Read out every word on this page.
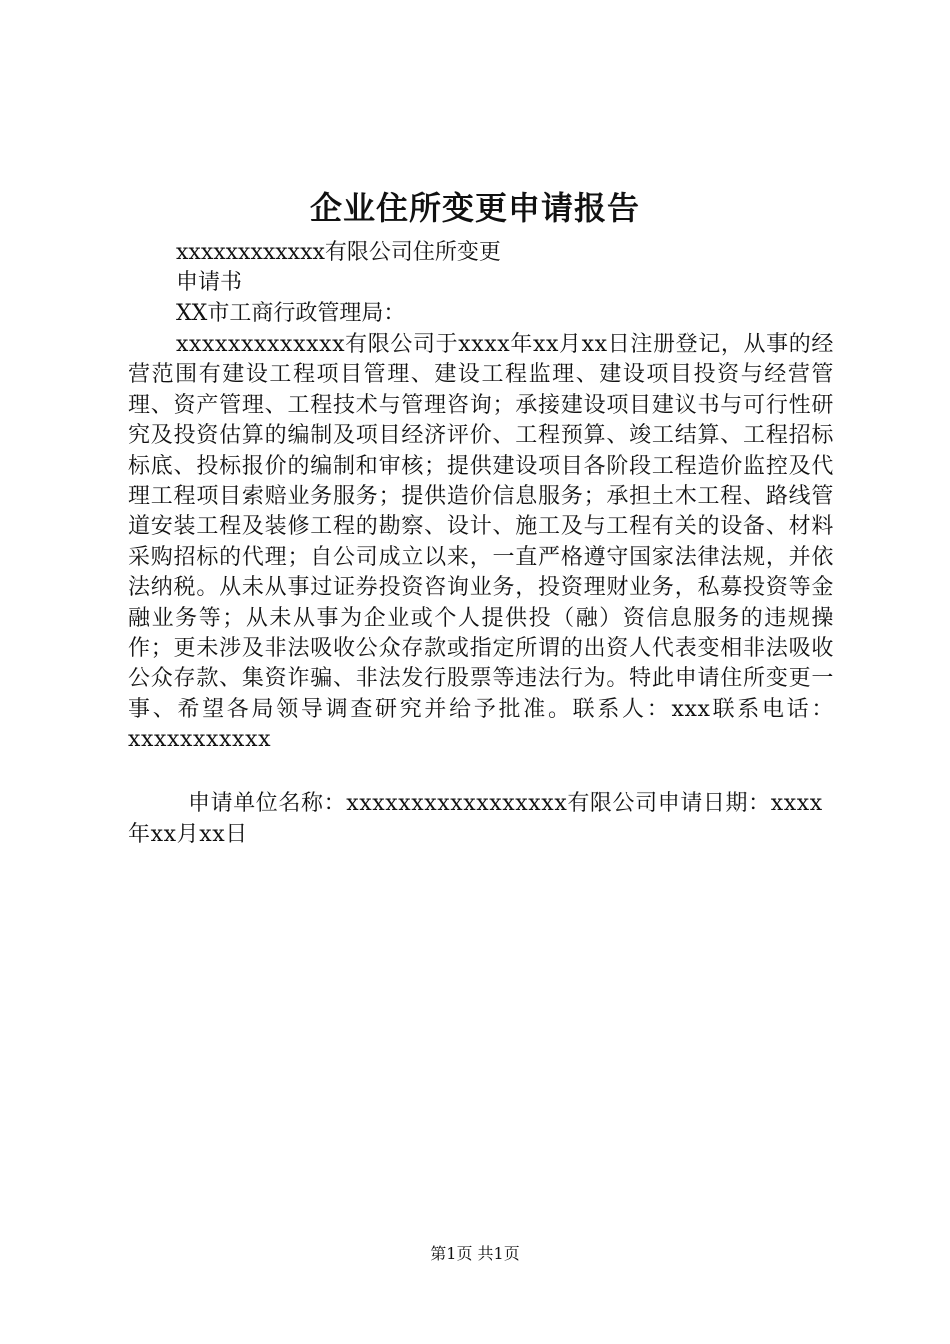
企业住所变更申请报告

xxxxxxxxxxxx有限公司住所变更

申请书

XX市工商行政管理局：

xxxxxxxxxxxxx有限公司于xxxx年xx月xx日注册登记，从事的经营范围有建设工程项目管理、建设工程监理、建设项目投资与经营管理、资产管理、工程技术与管理咨询；承接建设项目建议书与可行性研究及投资估算的编制及项目经济评价、工程预算、竣工结算、工程招标标底、投标报价的编制和审核；提供建设项目各阶段工程造价监控及代理工程项目索赔业务服务；提供造价信息服务；承担土木工程、路线管道安装工程及装修工程的勘察、设计、施工及与工程有关的设备、材料采购招标的代理；自公司成立以来，一直严格遵守国家法律法规，并依法纳税。从未从事过证券投资咨询业务，投资理财业务，私募投资等金融业务等；从未从事为企业或个人提供投（融）资信息服务的违规操作；更未涉及非法吸收公众存款或指定所谓的出资人代表变相非法吸收公众存款、集资诈骗、非法发行股票等违法行为。特此申请住所变更一事、希望各局领导调查研究并给予批准。联系人：xxx联系电话：xxxxxxxxxxx

申请单位名称：xxxxxxxxxxxxxxxxx有限公司申请日期：xxxx年xx月xx日

第1页 共1页
